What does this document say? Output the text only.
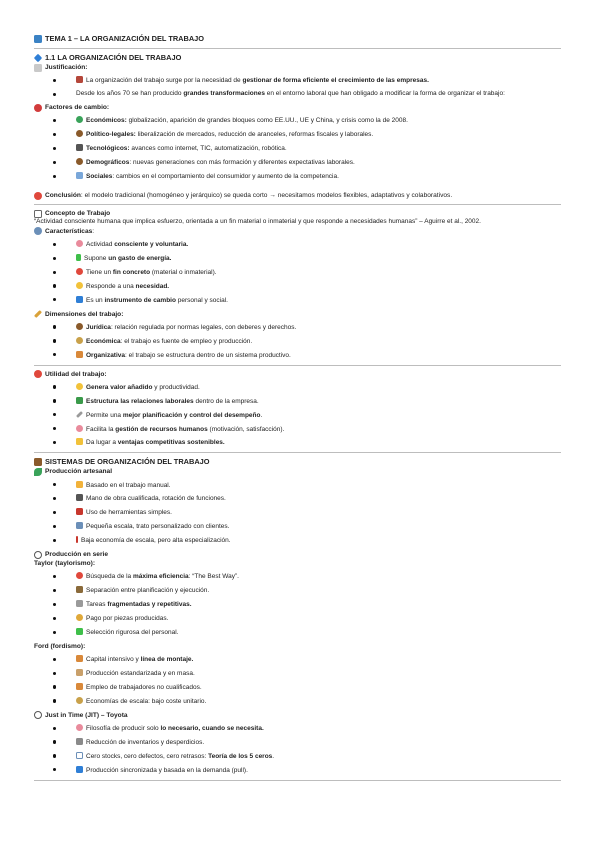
TEMA 1 – LA ORGANIZACIÓN DEL TRABAJO
1.1 LA ORGANIZACIÓN DEL TRABAJO
Justificación:
La organización del trabajo surge por la necesidad de gestionar de forma eficiente el crecimiento de las empresas.
Desde los años 70 se han producido grandes transformaciones en el entorno laboral que han obligado a modificar la forma de organizar el trabajo:
Factores de cambio:
Económicos: globalización, aparición de grandes bloques como EE.UU., UE y China, y crisis como la de 2008.
Político-legales: liberalización de mercados, reducción de aranceles, reformas fiscales y laborales.
Tecnológicos: avances como internet, TIC, automatización, robótica.
Demográficos: nuevas generaciones con más formación y diferentes expectativas laborales.
Sociales: cambios en el comportamiento del consumidor y aumento de la competencia.
Conclusión: el modelo tradicional (homogéneo y jerárquico) se queda corto → necesitamos modelos flexibles, adaptativos y colaborativos.
Concepto de Trabajo
“Actividad consciente humana que implica esfuerzo, orientada a un fin material o inmaterial y que responde a necesidades humanas” – Aguirre et al., 2002.
Características:
Actividad consciente y voluntaria.
Supone un gasto de energía.
Tiene un fin concreto (material o inmaterial).
Responde a una necesidad.
Es un instrumento de cambio personal y social.
Dimensiones del trabajo:
Jurídica: relación regulada por normas legales, con deberes y derechos.
Económica: el trabajo es fuente de empleo y producción.
Organizativa: el trabajo se estructura dentro de un sistema productivo.
Utilidad del trabajo:
Genera valor añadido y productividad.
Estructura las relaciones laborales dentro de la empresa.
Permite una mejor planificación y control del desempeño.
Facilita la gestión de recursos humanos (motivación, satisfacción).
Da lugar a ventajas competitivas sostenibles.
SISTEMAS DE ORGANIZACIÓN DEL TRABAJO
Producción artesanal
Basado en el trabajo manual.
Mano de obra cualificada, rotación de funciones.
Uso de herramientas simples.
Pequeña escala, trato personalizado con clientes.
Baja economía de escala, pero alta especialización.
Producción en serie
Taylor (taylorismo):
Búsqueda de la máxima eficiencia: “The Best Way”.
Separación entre planificación y ejecución.
Tareas fragmentadas y repetitivas.
Pago por piezas producidas.
Selección rigurosa del personal.
Ford (fordismo):
Capital intensivo y línea de montaje.
Producción estandarizada y en masa.
Empleo de trabajadores no cualificados.
Economías de escala: bajo coste unitario.
Just in Time (JIT) – Toyota
Filosofía de producir solo lo necesario, cuando se necesita.
Reducción de inventarios y desperdicios.
Cero stocks, cero defectos, cero retrasos: Teoría de los 5 ceros.
Producción sincronizada y basada en la demanda (pull).
